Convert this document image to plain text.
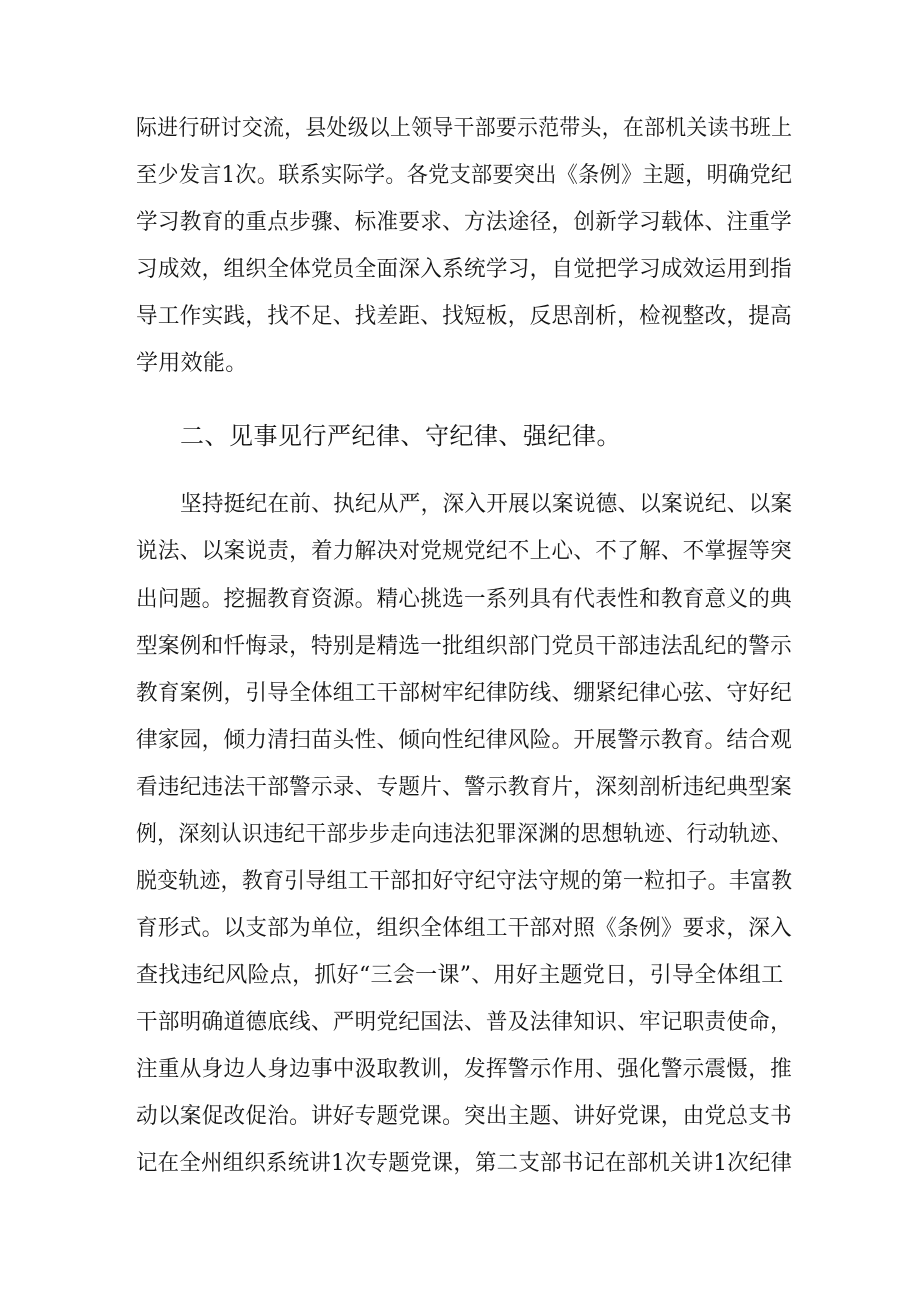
际进行研讨交流，县处级以上领导干部要示范带头，在部机关读书班上
至少发言1次。联系实际学。各党支部要突出《条例》主题，明确党纪
学习教育的重点步骤、标准要求、方法途径，创新学习载体、注重学
习成效，组织全体党员全面深入系统学习，自觉把学习成效运用到指
导工作实践，找不足、找差距、找短板，反思剖析，检视整改，提高
学用效能。
二、见事见行严纪律、守纪律、强纪律。
坚持挺纪在前、执纪从严，深入开展以案说德、以案说纪、以案
说法、以案说责，着力解决对党规党纪不上心、不了解、不掌握等突
出问题。挖掘教育资源。精心挑选一系列具有代表性和教育意义的典
型案例和忏悔录，特别是精选一批组织部门党员干部违法乱纪的警示
教育案例，引导全体组工干部树牢纪律防线、绷紧纪律心弦、守好纪
律家园，倾力清扫苗头性、倾向性纪律风险。开展警示教育。结合观
看违纪违法干部警示录、专题片、警示教育片，深刻剖析违纪典型案
例，深刻认识违纪干部步步走向违法犯罪深渊的思想轨迹、行动轨迹、
脱变轨迹，教育引导组工干部扣好守纪守法守规的第一粒扣子。丰富教
育形式。以支部为单位，组织全体组工干部对照《条例》要求，深入
查找违纪风险点，抓好“三会一课”、用好主题党日，引导全体组工
干部明确道德底线、严明党纪国法、普及法律知识、牢记职责使命，
注重从身边人身边事中汲取教训，发挥警示作用、强化警示震慑，推
动以案促改促治。讲好专题党课。突出主题、讲好党课，由党总支书
记在全州组织系统讲1次专题党课，第二支部书记在部机关讲1次纪律
